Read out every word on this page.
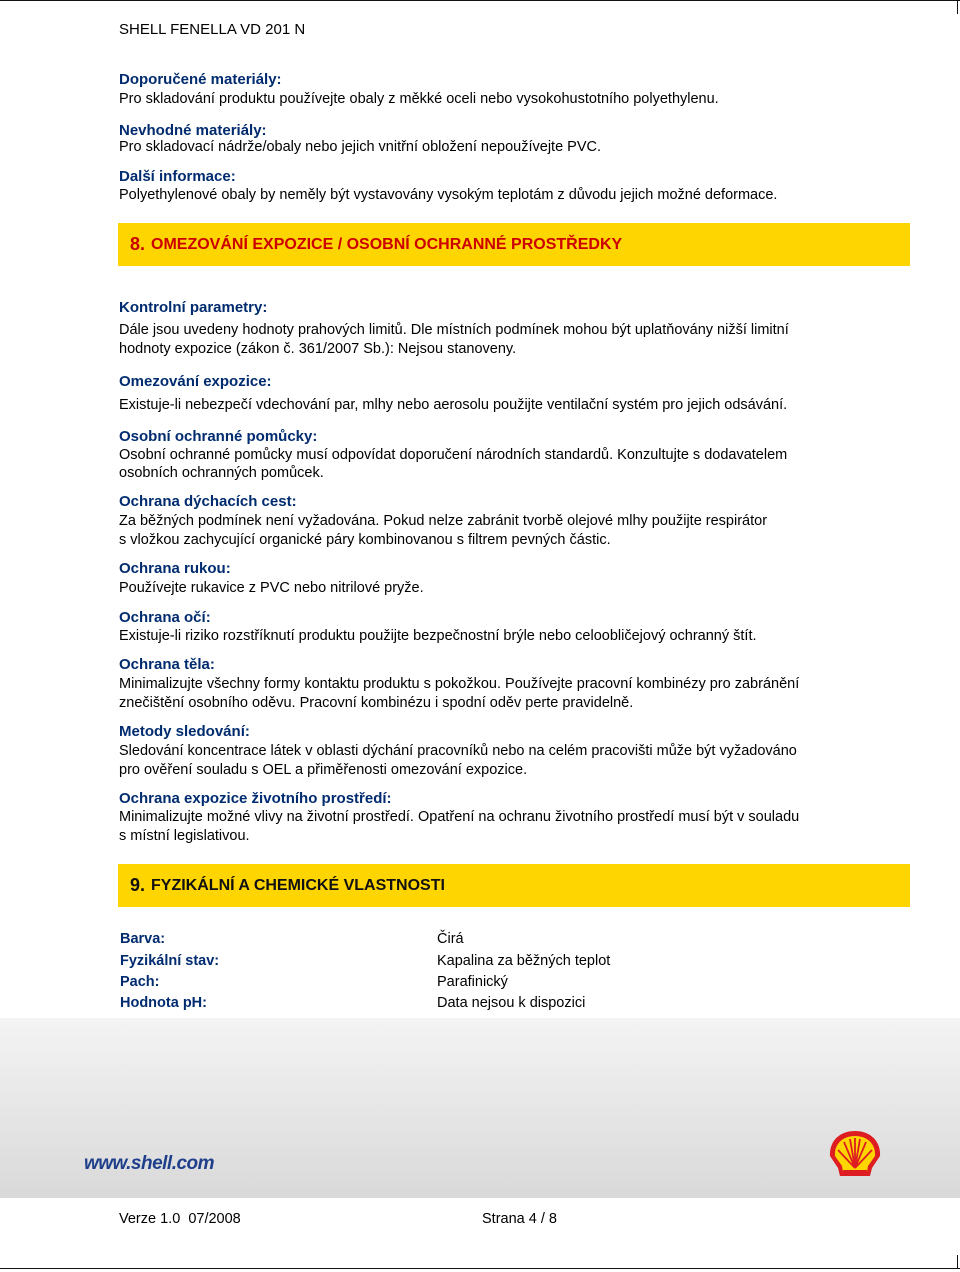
SHELL FENELLA VD 201 N
Doporučené materiály:

Pro skladování produktu používejte obaly z měkké oceli nebo vysokohustotního polyethylenu.

Nevhodné materiály:

Pro skladovací nádrže/obaly nebo jejich vnitřní obložení nepoužívejte PVC.

Další informace:

Polyethylenové obaly by neměly být vystavovány vysokým teplotám z důvodu jejich možné deformace.

8. OMEZOVÁNÍ EXPOZICE / OSOBNÍ OCHRANNÉ PROSTŘEDKY
Kontrolní parametry:

Dále jsou uvedeny hodnoty prahových limitů. Dle místních podmínek mohou být uplatňovány nižší limitní

hodnoty expozice (zákon č. 361/2007 Sb.): Nejsou stanoveny.

Omezování expozice:

Existuje-li nebezpečí vdechování par, mlhy nebo aerosolu použijte ventilační systém pro jejich odsávání.

Osobní ochranné pomůcky:

Osobní ochranné pomůcky musí odpovídat doporučení národních standardů. Konzultujte s dodavatelem

osobních ochranných pomůcek.

Ochrana dýchacích cest:

Za běžných podmínek není vyžadována. Pokud nelze zabránit tvorbě olejové mlhy použijte respirátor

s vložkou zachycující organické páry kombinovanou s filtrem pevných částic.

Ochrana rukou:

Používejte rukavice z PVC nebo nitrilové pryže.

Ochrana očí:

Existuje-li riziko rozstříknutí produktu použijte bezpečnostní brýle nebo celoobličejový ochranný štít.

Ochrana těla:

Minimalizujte všechny formy kontaktu produktu s pokožkou. Používejte pracovní kombinézy pro zabránění

znečištění osobního oděvu. Pracovní kombinézu i spodní oděv perte pravidelně.

Metody sledování:

Sledování koncentrace látek v oblasti dýchání pracovníků nebo na celém pracovišti může být vyžadováno

pro ověření souladu s OEL a přiměřenosti omezování expozice.

Ochrana expozice životního prostředí:

Minimalizujte možné vlivy na životní prostředí. Opatření na ochranu životního prostředí musí být v souladu

s místní legislativou.

9. FYZIKÁLNÍ A CHEMICKÉ VLASTNOSTI
Barva:	Čirá
Fyzikální stav:	Kapalina za běžných teplot
Pach:	Parafinický
Hodnota pH:	Data nejsou k dispozici
www.shell.com
Verze 1.0  07/2008	Strana 4 / 8
